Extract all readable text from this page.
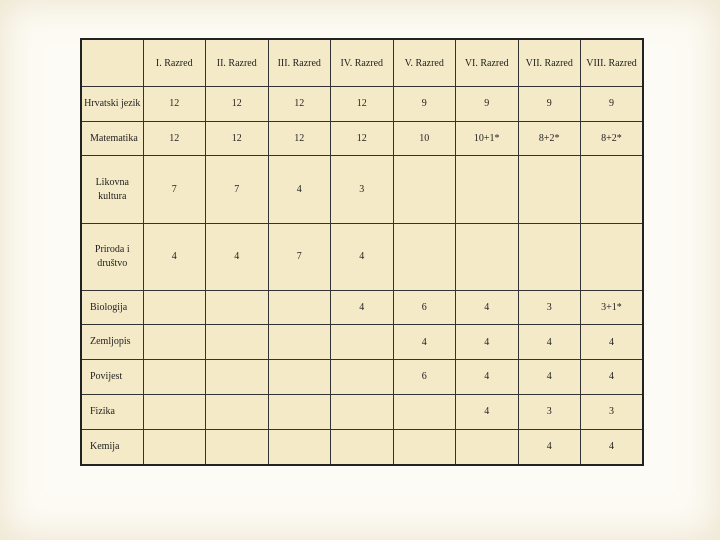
	I. Razred	II. Razred	III. Razred	IV. Razred	V. Razred	VI. Razred	VII. Razred	VIII. Razred
Hrvatski jezik	12	12	12	12	9	9	9	9
Matematika	12	12	12	12	10	10+1*	8+2*	8+2*
Likovna kultura	7	7	4	3				
Priroda i društvo	4	4	7	4				
Biologija				4	6	4	3	3+1*
Zemljopis					4	4	4	4
Povijest					6	4	4	4
Fizika						4	3	3
Kemija							4	4
